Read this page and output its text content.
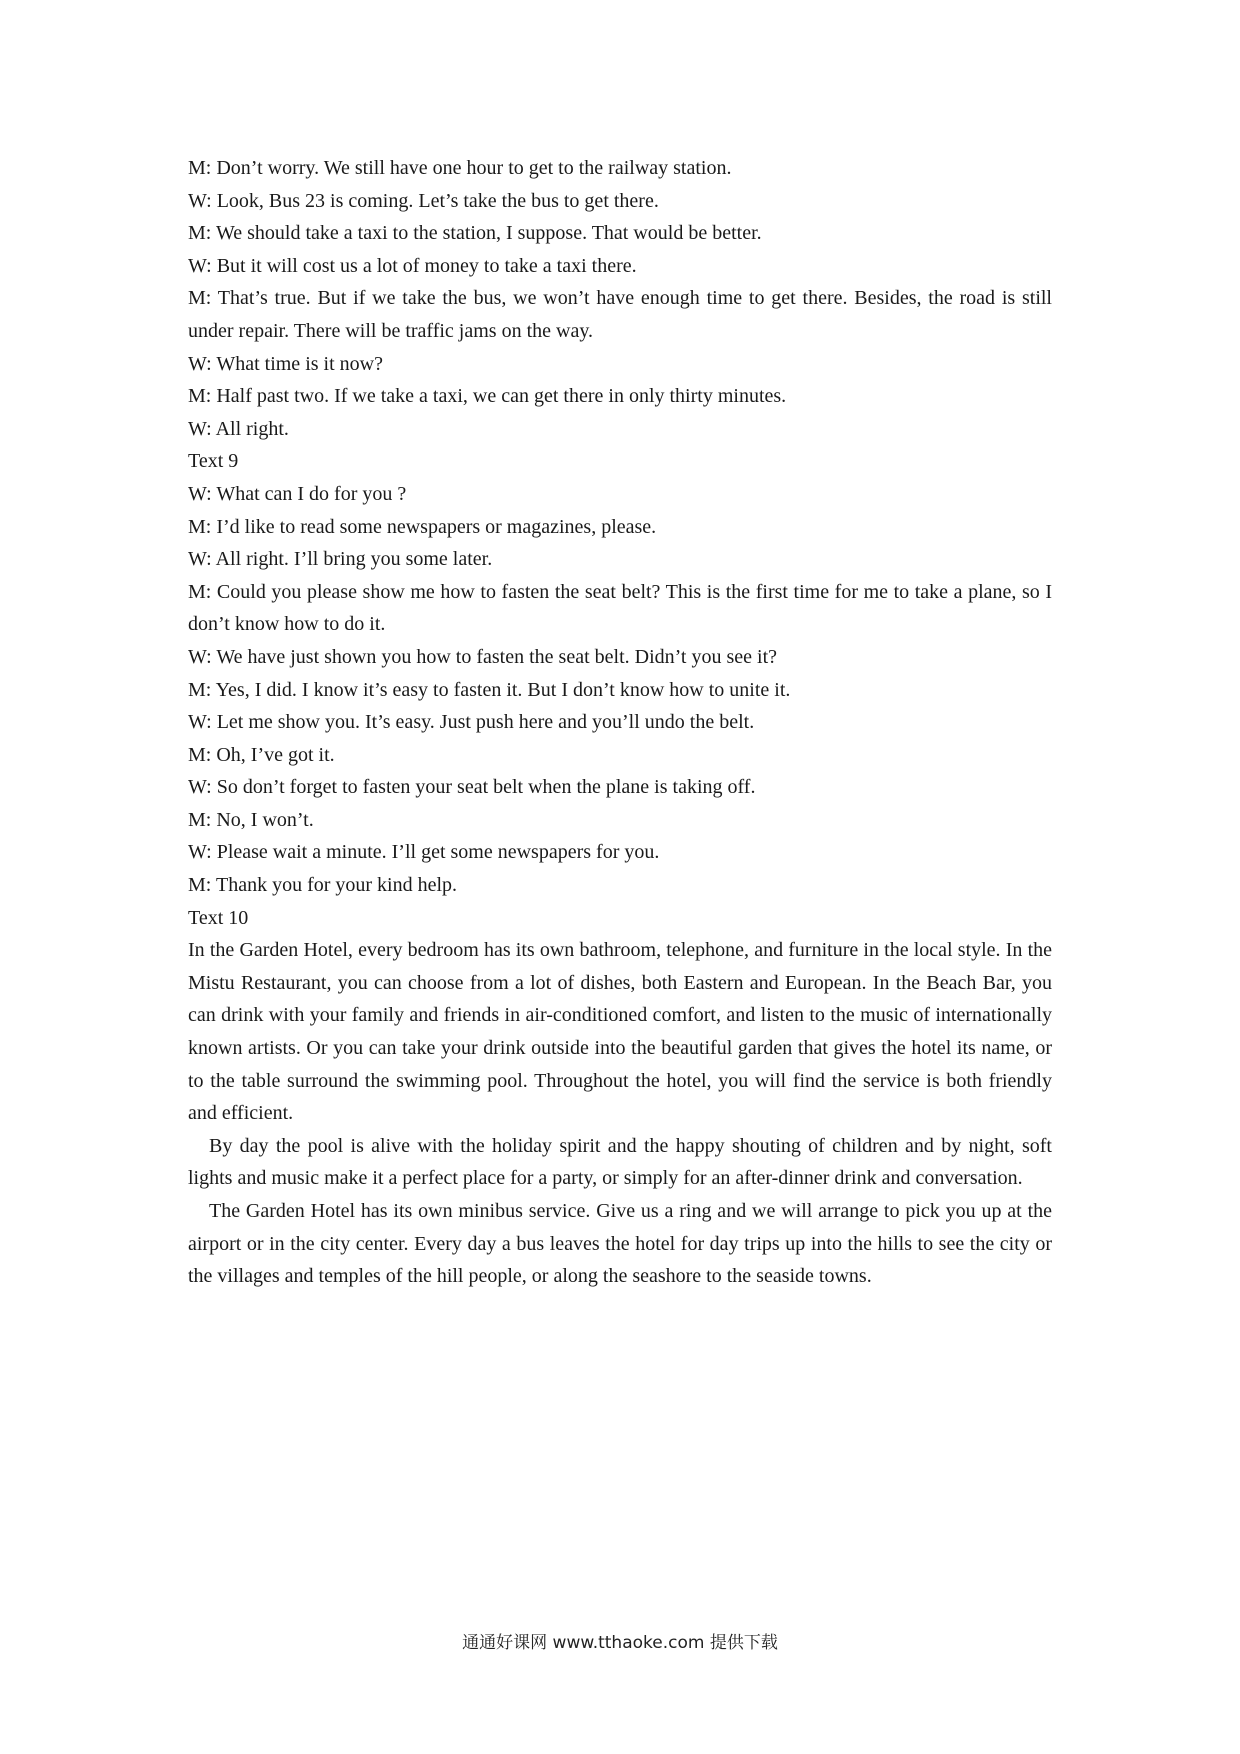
M: Don’t worry. We still have one hour to get to the railway station.
W: Look, Bus 23 is coming. Let’s take the bus to get there.
M: We should take a taxi to the station, I suppose. That would be better.
W: But it will cost us a lot of money to take a taxi there.

M: That’s true. But if we take the bus, we won’t have enough time to get there. Besides, the road is still under repair. There will be traffic jams on the way.

W: What time is it now?
M: Half past two. If we take a taxi, we can get there in only thirty minutes.
W: All right.
Text 9
W: What can I do for you ?
M: I’d like to read some newspapers or magazines, please.
W: All right. I’ll bring you some later.

M: Could you please show me how to fasten the seat belt? This is the first time for me to take a plane, so I don’t know how to do it.

W: We have just shown you how to fasten the seat belt. Didn’t you see it?
M: Yes, I did. I know it’s easy to fasten it. But I don’t know how to unite it.
W: Let me show you. It’s easy. Just push here and you’ll undo the belt.
M: Oh, I’ve got it.
W: So don’t forget to fasten your seat belt when the plane is taking off.
M: No, I won’t.
W: Please wait a minute. I’ll get some newspapers for you.
M: Thank you for your kind help.
Text 10

In the Garden Hotel, every bedroom has its own bathroom, telephone, and furniture in the local style. In the Mistu Restaurant, you can choose from a lot of dishes, both Eastern and European. In the Beach Bar, you can drink with your family and friends in air-conditioned comfort, and listen to the music of internationally known artists. Or you can take your drink outside into the beautiful garden that gives the hotel its name, or to the table surround the swimming pool. Throughout the hotel, you will find the service is both friendly and efficient.

By day the pool is alive with the holiday spirit and the happy shouting of children and by night, soft lights and music make it a perfect place for a party, or simply for an after-dinner drink and conversation.

The Garden Hotel has its own minibus service. Give us a ring and we will arrange to pick you up at the airport or in the city center. Every day a bus leaves the hotel for day trips up into the hills to see the city or the villages and temples of the hill people, or along the seashore to the seaside towns.

通通好课网 www.tthaoke.com 提供下载
